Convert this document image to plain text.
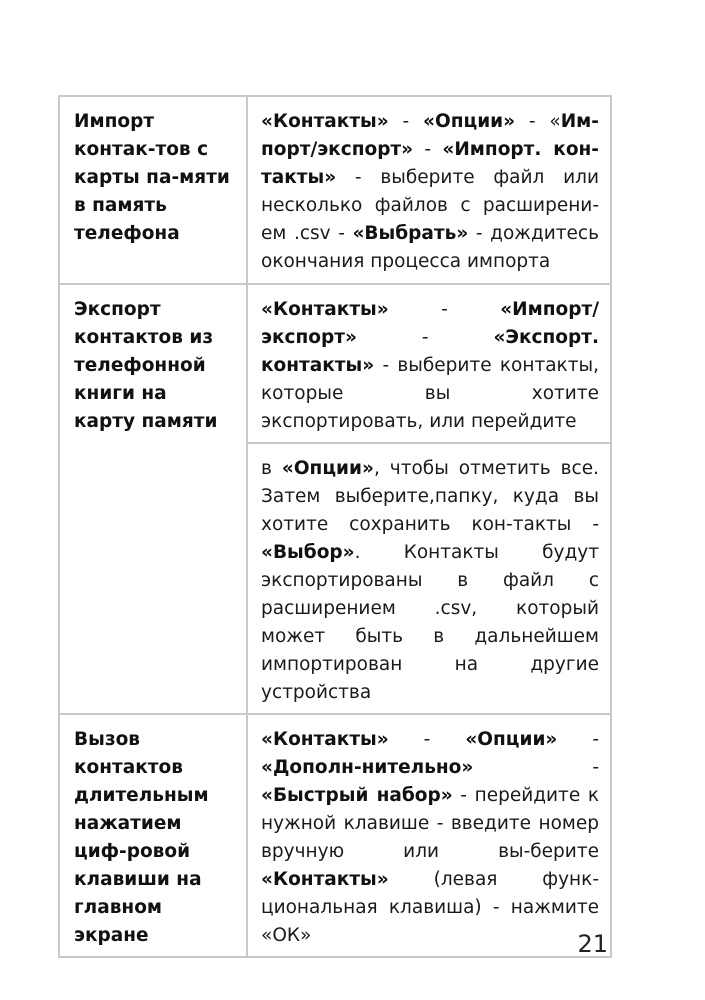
Импорт контак-тов с карты па-мяти в память телефона	«Контакты» - «Опции» - «Им-порт/экспорт» - «Импорт. кон-такты» - выберите файл или несколько файлов с расширени-ем .csv - «Выбрать» - дождитесь окончания процесса импорта

Экспорт контактов из телефонной книги на карту памяти	«Контакты» - «Импорт/экспорт» - «Экспорт. контакты» - выберите контакты, которые вы хотите экспортировать, или перейдите

	в «Опции», чтобы отметить все. Затем выберите,папку, куда вы хотите сохранить кон-такты - «Выбор». Контакты будут экспортированы в файл с расширением .csv, который может быть в дальнейшем импортирован на другие устройства

Вызов контактов длительным нажатием циф-ровой клавиши на главном экране	«Контакты» - «Опции» - «Дополн-нительно» - «Быстрый набор» - перейдите к нужной клавише - введите номер вручную или вы-берите «Контакты» (левая функ-циональная клавиша) - нажмите «ОК»	21
